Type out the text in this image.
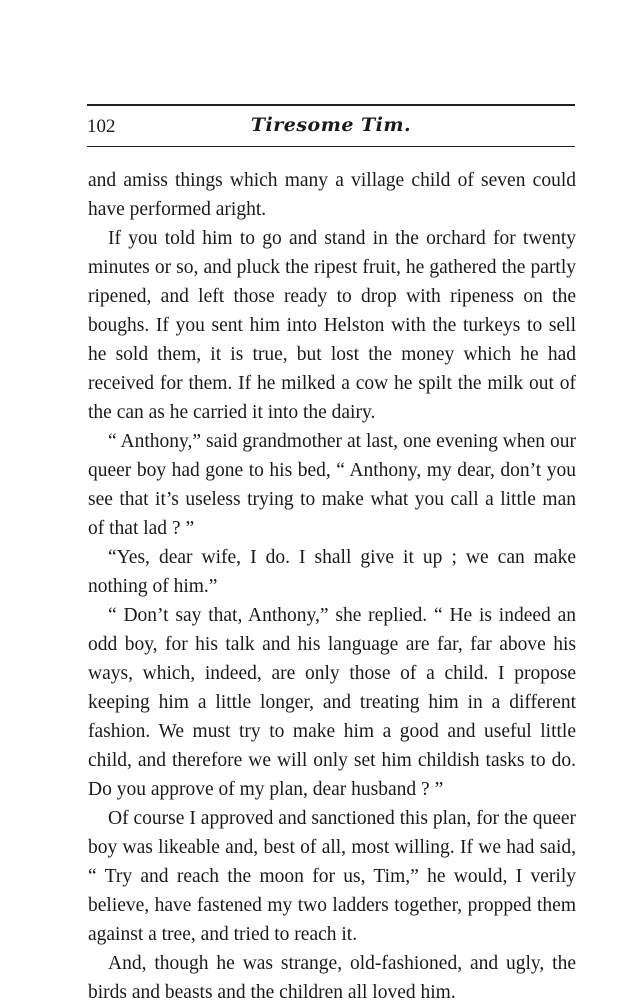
102	Tiresome Tim.

and amiss things which many a village child of seven could have performed aright.

If you told him to go and stand in the orchard for twenty minutes or so, and pluck the ripest fruit, he gathered the partly ripened, and left those ready to drop with ripeness on the boughs. If you sent him into Helston with the turkeys to sell he sold them, it is true, but lost the money which he had received for them. If he milked a cow he spilt the milk out of the can as he carried it into the dairy.

“ Anthony,” said grandmother at last, one evening when our queer boy had gone to his bed, “ Anthony, my dear, don’t you see that it’s useless trying to make what you call a little man of that lad ? ”

“Yes, dear wife, I do. I shall give it up ; we can make nothing of him.”

“ Don’t say that, Anthony,” she replied. “ He is indeed an odd boy, for his talk and his language are far, far above his ways, which, indeed, are only those of a child. I propose keeping him a little longer, and treating him in a different fashion. We must try to make him a good and useful little child, and therefore we will only set him childish tasks to do. Do you approve of my plan, dear husband ? ”

Of course I approved and sanctioned this plan, for the queer boy was likeable and, best of all, most willing. If we had said, “ Try and reach the moon for us, Tim,” he would, I verily believe, have fastened my two ladders together, propped them against a tree, and tried to reach it.

And, though he was strange, old-fashioned, and ugly, the birds and beasts and the children all loved him.
